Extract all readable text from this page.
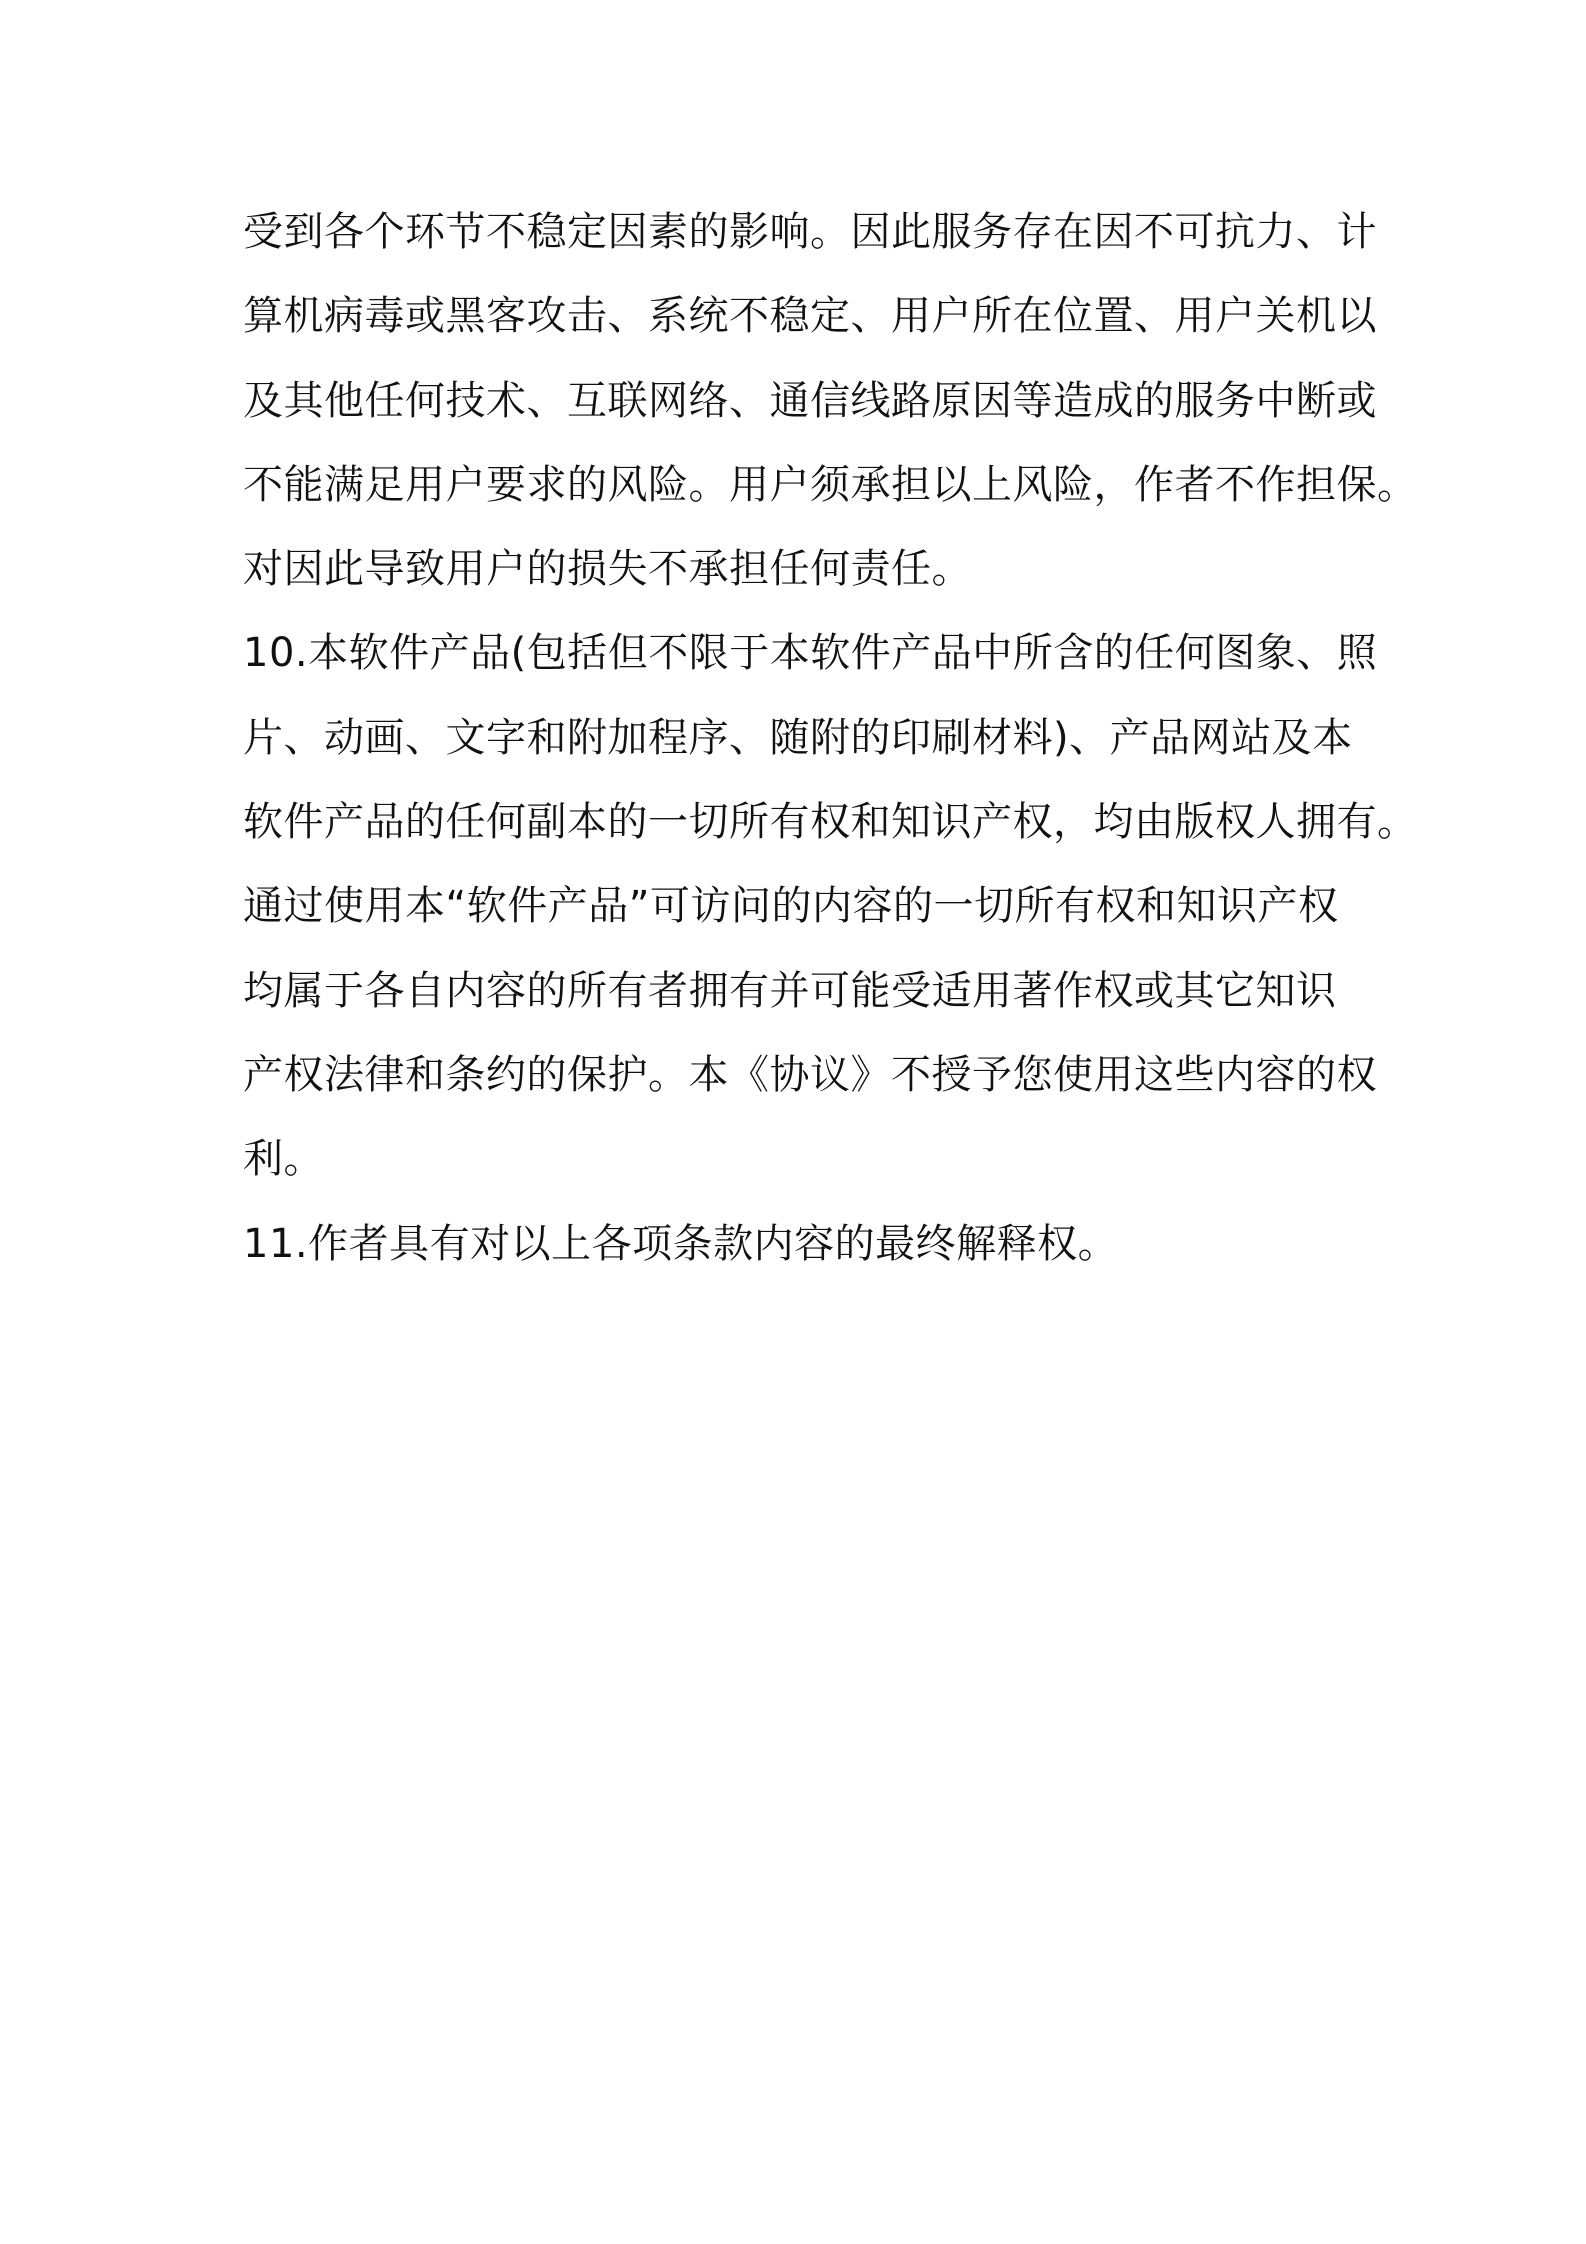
受到各个环节不稳定因素的影响。因此服务存在因不可抗力、计
算机病毒或黑客攻击、系统不稳定、用户所在位置、用户关机以
及其他任何技术、互联网络、通信线路原因等造成的服务中断或
不能满足用户要求的风险。用户须承担以上风险，作者不作担保。
对因此导致用户的损失不承担任何责任。
10.本软件产品(包括但不限于本软件产品中所含的任何图象、照
片、动画、文字和附加程序、随附的印刷材料)、产品网站及本
软件产品的任何副本的一切所有权和知识产权，均由版权人拥有。
通过使用本“软件产品”可访问的内容的一切所有权和知识产权
均属于各自内容的所有者拥有并可能受适用著作权或其它知识
产权法律和条约的保护。本《协议》不授予您使用这些内容的权
利。
11.作者具有对以上各项条款内容的最终解释权。
